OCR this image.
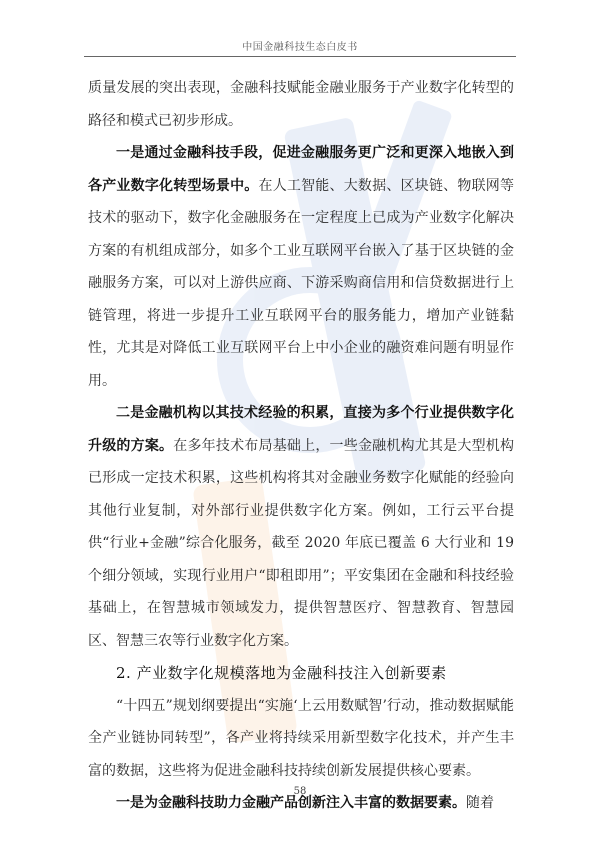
中国金融科技生态白皮书

质量发展的突出表现，金融科技赋能金融业服务于产业数字化转型的路径和模式已初步形成。

一是通过金融科技手段，促进金融服务更广泛和更深入地嵌入到各产业数字化转型场景中。在人工智能、大数据、区块链、物联网等技术的驱动下，数字化金融服务在一定程度上已成为产业数字化解决方案的有机组成部分，如多个工业互联网平台嵌入了基于区块链的金融服务方案，可以对上游供应商、下游采购商信用和信贷数据进行上链管理，将进一步提升工业互联网平台的服务能力，增加产业链黏性，尤其是对降低工业互联网平台上中小企业的融资难问题有明显作用。

二是金融机构以其技术经验的积累，直接为多个行业提供数字化升级的方案。在多年技术布局基础上，一些金融机构尤其是大型机构已形成一定技术积累，这些机构将其对金融业务数字化赋能的经验向其他行业复制，对外部行业提供数字化方案。例如，工行云平台提供“行业+金融”综合化服务，截至 2020 年底已覆盖 6 大行业和 19 个细分领域，实现行业用户“即租即用”；平安集团在金融和科技经验基础上，在智慧城市领域发力，提供智慧医疗、智慧教育、智慧园区、智慧三农等行业数字化方案。

2. 产业数字化规模落地为金融科技注入创新要素

“十四五”规划纲要提出“实施‘上云用数赋智’行动，推动数据赋能全产业链协同转型”，各产业将持续采用新型数字化技术，并产生丰富的数据，这些将为促进金融科技持续创新发展提供核心要素。

一是为金融科技助力金融产品创新注入丰富的数据要素。随着

58
